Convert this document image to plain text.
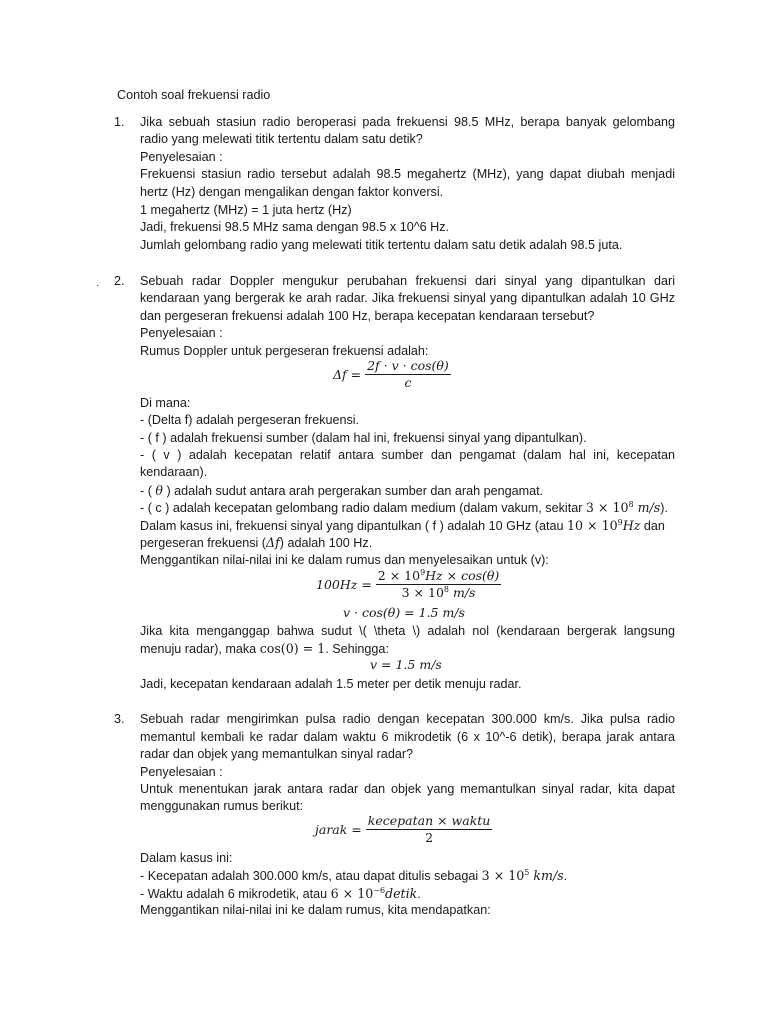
Contoh soal frekuensi radio
1. Jika sebuah stasiun radio beroperasi pada frekuensi 98.5 MHz, berapa banyak gelombang
radio yang melewati titik tertentu dalam satu detik?
Penyelesaian :
Frekuensi stasiun radio tersebut adalah 98.5 megahertz (MHz), yang dapat diubah menjadi
hertz (Hz) dengan mengalikan dengan faktor konversi.
1 megahertz (MHz) = 1 juta hertz (Hz)
Jadi, frekuensi 98.5 MHz sama dengan 98.5 x 10^6 Hz.
Jumlah gelombang radio yang melewati titik tertentu dalam satu detik adalah 98.5 juta.
· 2. Sebuah radar Doppler mengukur perubahan frekuensi dari sinyal yang dipantulkan dari
kendaraan yang bergerak ke arah radar. Jika frekuensi sinyal yang dipantulkan adalah 10 GHz
dan pergeseran frekuensi adalah 100 Hz, berapa kecepatan kendaraan tersebut?
Penyelesaian :
Rumus Doppler untuk pergeseran frekuensi adalah:
$\Delta f = \frac{2f \cdot v \cdot \cos(\theta)}{c}$
Di mana:
- (Delta f) adalah pergeseran frekuensi.
- ( f ) adalah frekuensi sumber (dalam hal ini, frekuensi sinyal yang dipantulkan).
- ( v ) adalah kecepatan relatif antara sumber dan pengamat (dalam hal ini, kecepatan
kendaraan).
- ( θ ) adalah sudut antara arah pergerakan sumber dan arah pengamat.
- ( c ) adalah kecepatan gelombang radio dalam medium (dalam vakum, sekitar $3 \times 10^8$ m/s).
Dalam kasus ini, frekuensi sinyal yang dipantulkan ( f ) adalah 10 GHz (atau $10 \times 10^9Hz$ dan
pergeseran frekuensi (Δf) adalah 100 Hz.
Menggantikan nilai-nilai ini ke dalam rumus dan menyelesaikan untuk (v):
$100Hz = \frac{2 \times 10^9Hz \times \cos(\theta)}{3 \times 10^8 m/s}$
v · cos(θ) = 1.5 m/s
Jika kita menganggap bahwa sudut \( \theta \) adalah nol (kendaraan bergerak langsung
menuju radar), maka cos(0) = 1. Sehingga:
v = 1.5 m/s
Jadi, kecepatan kendaraan adalah 1.5 meter per detik menuju radar.
3. Sebuah radar mengirimkan pulsa radio dengan kecepatan 300.000 km/s. Jika pulsa radio
memantul kembali ke radar dalam waktu 6 mikrodetik (6 x 10^-6 detik), berapa jarak antara
radar dan objek yang memantulkan sinyal radar?
Penyelesaian :
Untuk menentukan jarak antara radar dan objek yang memantulkan sinyal radar, kita dapat
menggunakan rumus berikut:
jarak = $\frac{\text{kecepatan × waktu}}{2}$
Dalam kasus ini:
- Kecepatan adalah 300.000 km/s, atau dapat ditulis sebagai $3 \times 10^5$ km/s.
- Waktu adalah 6 mikrodetik, atau $6 \times 10^{-6}detik$.
Menggantikan nilai-nilai ini ke dalam rumus, kita mendapatkan:
